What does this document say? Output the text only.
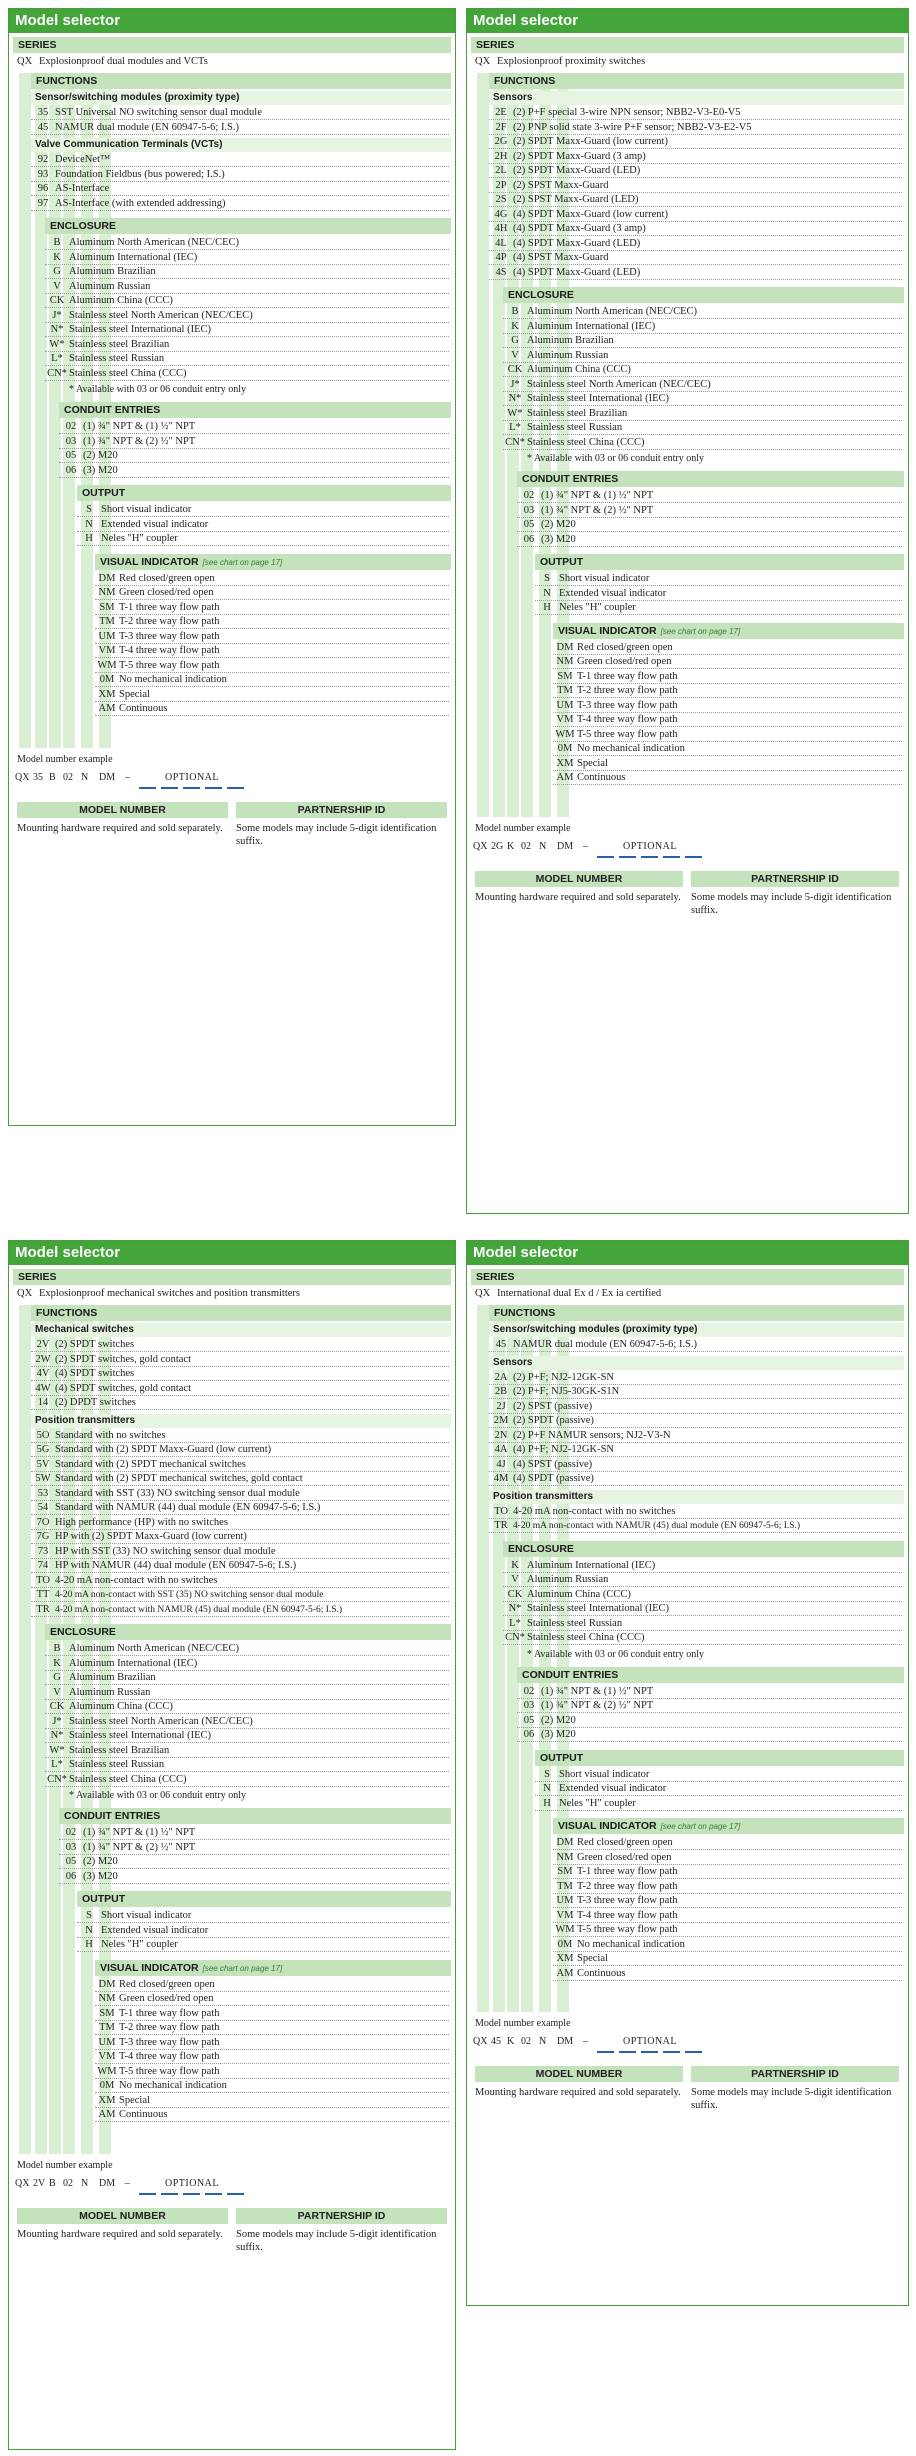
Model selector
SERIES
QX Explosionproof dual modules and VCTs
FUNCTIONS
Sensor/switching modules (proximity type)
35 SST Universal NO switching sensor dual module
45 NAMUR dual module (EN 60947-5-6; I.S.)
Valve Communication Terminals (VCTs)
92 DeviceNet™
93 Foundation Fieldbus (bus powered; I.S.)
96 AS-Interface
97 AS-Interface (with extended addressing)
ENCLOSURE
B Aluminum North American (NEC/CEC)
K Aluminum International (IEC)
G Aluminum Brazilian
V Aluminum Russian
CK Aluminum China (CCC)
J* Stainless steel North American (NEC/CEC)
N* Stainless steel International (IEC)
W* Stainless steel Brazilian
L* Stainless steel Russian
CN* Stainless steel China (CCC)
* Available with 03 or 06 conduit entry only
CONDUIT ENTRIES
02 (1) ¾" NPT & (1) ½" NPT
03 (1) ¾" NPT & (2) ½" NPT
05 (2) M20
06 (3) M20
OUTPUT
S Short visual indicator
N Extended visual indicator
H Neles "H" coupler
VISUAL INDICATOR [see chart on page 17]
DM Red closed/green open
NM Green closed/red open
SM T-1 three way flow path
TM T-2 three way flow path
UM T-3 three way flow path
VM T-4 three way flow path
WM T-5 three way flow path
0M No mechanical indication
XM Special
AM Continuous
Model number example
QX 35 B 02 N DM –	OPTIONAL
MODEL NUMBER	PARTNERSHIP ID
Mounting hardware required and sold separately.	Some models may include 5-digit identification suffix.
Model selector
SERIES
QX Explosionproof proximity switches
FUNCTIONS
Sensors
2E (2) P+F special 3-wire NPN sensor; NBB2-V3-E0-V5
2F (2) PNP solid state 3-wire P+F sensor; NBB2-V3-E2-V5
2G (2) SPDT Maxx-Guard (low current)
2H (2) SPDT Maxx-Guard (3 amp)
2L (2) SPDT Maxx-Guard (LED)
2P (2) SPST Maxx-Guard
2S (2) SPST Maxx-Guard (LED)
4G (4) SPDT Maxx-Guard (low current)
4H (4) SPDT Maxx-Guard (3 amp)
4L (4) SPDT Maxx-Guard (LED)
4P (4) SPST Maxx-Guard
4S (4) SPDT Maxx-Guard (LED)
ENCLOSURE
B Aluminum North American (NEC/CEC)
K Aluminum International (IEC)
G Aluminum Brazilian
V Aluminum Russian
CK Aluminum China (CCC)
J* Stainless steel North American (NEC/CEC)
N* Stainless steel International (IEC)
W* Stainless steel Brazilian
L* Stainless steel Russian
CN* Stainless steel China (CCC)
* Available with 03 or 06 conduit entry only
CONDUIT ENTRIES
02 (1) ¾" NPT & (1) ½" NPT
03 (1) ¾" NPT & (2) ½" NPT
05 (2) M20
06 (3) M20
OUTPUT
S Short visual indicator
N Extended visual indicator
H Neles "H" coupler
VISUAL INDICATOR [see chart on page 17]
DM Red closed/green open
NM Green closed/red open
SM T-1 three way flow path
TM T-2 three way flow path
UM T-3 three way flow path
VM T-4 three way flow path
WM T-5 three way flow path
0M No mechanical indication
XM Special
AM Continuous
Model number example
QX 2G K 02 N DM –	OPTIONAL
MODEL NUMBER	PARTNERSHIP ID
Mounting hardware required and sold separately. Some models may include 5-digit identification suffix.
Model selector
SERIES
QX Explosionproof mechanical switches and position transmitters
FUNCTIONS
Mechanical switches
2V (2) SPDT switches
2W (2) SPDT switches, gold contact
4V (4) SPDT switches
4W (4) SPDT switches, gold contact
14 (2) DPDT switches
Position transmitters
5O Standard with no switches
5G Standard with (2) SPDT Maxx-Guard (low current)
5V Standard with (2) SPDT mechanical switches
5W Standard with (2) SPDT mechanical switches, gold contact
53 Standard with SST (33) NO switching sensor dual module
54 Standard with NAMUR (44) dual module (EN 60947-5-6; I.S.)
7O High performance (HP) with no switches
7G HP with (2) SPDT Maxx-Guard (low current)
73 HP with SST (33) NO switching sensor dual module
74 HP with NAMUR (44) dual module (EN 60947-5-6; I.S.)
TO 4-20 mA non-contact with no switches
TT 4-20 mA non-contact with SST (35) NO switching sensor dual module
TR 4-20 mA non-contact with NAMUR (45) dual module (EN 60947-5-6; I.S.)
ENCLOSURE
B Aluminum North American (NEC/CEC)
K Aluminum International (IEC)
G Aluminum Brazilian
V Aluminum Russian
CK Aluminum China (CCC)
J* Stainless steel North American (NEC/CEC)
N* Stainless steel International (IEC)
W* Stainless steel Brazilian
L* Stainless steel Russian
CN* Stainless steel China (CCC)
* Available with 03 or 06 conduit entry only
CONDUIT ENTRIES
02 (1) ¾" NPT & (1) ½" NPT
03 (1) ¾" NPT & (2) ½" NPT
05 (2) M20
06 (3) M20
OUTPUT
S Short visual indicator
N Extended visual indicator
H Neles "H" coupler
VISUAL INDICATOR [see chart on page 17]
DM Red closed/green open
NM Green closed/red open
SM T-1 three way flow path
TM T-2 three way flow path
UM T-3 three way flow path
VM T-4 three way flow path
WM T-5 three way flow path
0M No mechanical indication
XM Special
AM Continuous
Model number example
QX 2V B 02 N DM –	OPTIONAL
MODEL NUMBER	PARTNERSHIP ID
Mounting hardware required and sold separately.	Some models may include 5-digit identification suffix.
Model selector
SERIES
QX International dual Ex d / Ex ia certified
FUNCTIONS
Sensor/switching modules (proximity type)
45 NAMUR dual module (EN 60947-5-6; I.S.)
Sensors
2A (2) P+F; NJ2-12GK-SN
2B (2) P+F; NJ5-30GK-S1N
2J (2) SPST (passive)
2M (2) SPDT (passive)
2N (2) P+F NAMUR sensors; NJ2-V3-N
4A (4) P+F; NJ2-12GK-SN
4J (4) SPST (passive)
4M (4) SPDT (passive)
Position transmitters
TO 4-20 mA non-contact with no switches
TR 4-20 mA non-contact with NAMUR (45) dual module (EN 60947-5-6; I.S.)
ENCLOSURE
K Aluminum International (IEC)
V Aluminum Russian
CK Aluminum China (CCC)
N* Stainless steel International (IEC)
L* Stainless steel Russian
CN* Stainless steel China (CCC)
* Available with 03 or 06 conduit entry only
CONDUIT ENTRIES
02 (1) ¾" NPT & (1) ½" NPT
03 (1) ¾" NPT & (2) ½" NPT
05 (2) M20
06 (3) M20
OUTPUT
S Short visual indicator
N Extended visual indicator
H Neles "H" coupler
VISUAL INDICATOR [see chart on page 17]
DM Red closed/green open
NM Green closed/red open
SM T-1 three way flow path
TM T-2 three way flow path
UM T-3 three way flow path
VM T-4 three way flow path
WM T-5 three way flow path
0M No mechanical indication
XM Special
AM Continuous
Model number example
QX 45 K 02 N DM –	OPTIONAL
MODEL NUMBER	PARTNERSHIP ID
Mounting hardware required and sold separately. Some models may include 5-digit identification suffix.
